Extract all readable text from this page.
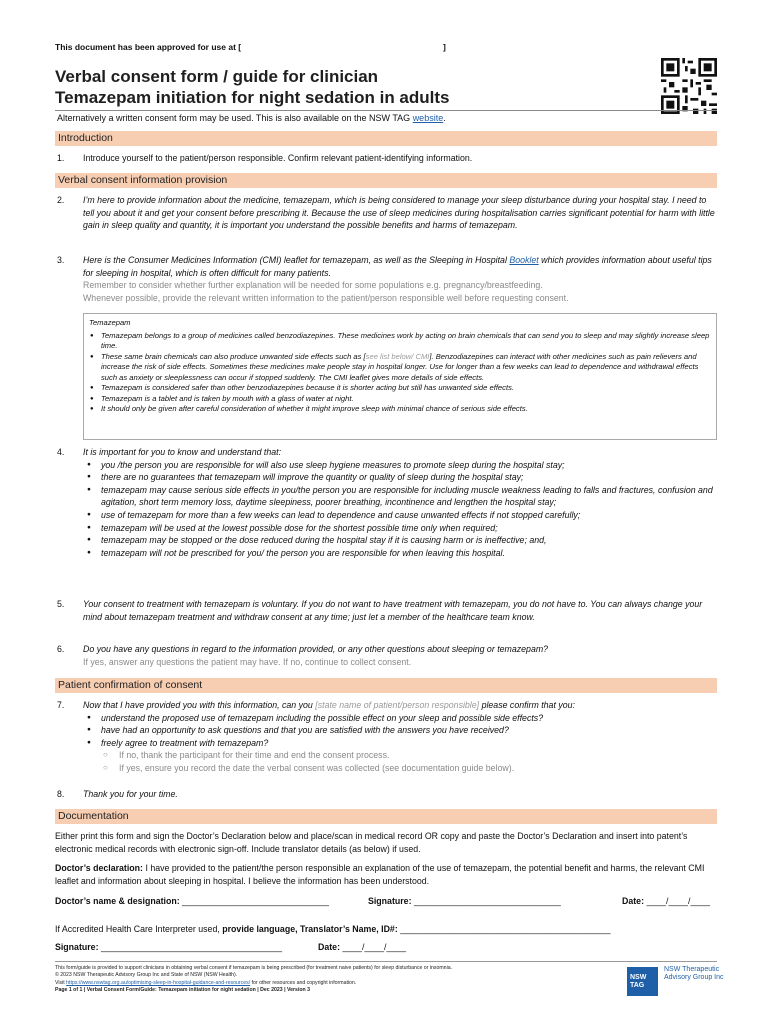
This document has been approved for use at [	]
Verbal consent form / guide for clinician
Temazepam initiation for night sedation in adults
Alternatively a written consent form may be used. This is also available on the NSW TAG website.
Introduction
1. Introduce yourself to the patient/person responsible. Confirm relevant patient-identifying information.
Verbal consent information provision
2. I’m here to provide information about the medicine, temazepam, which is being considered to manage your sleep disturbance during your hospital stay. I need to tell you about it and get your consent before prescribing it. Because the use of sleep medicines during hospitalisation carries significant potential for harm with little gain in sleep quality and quantity, it is important you understand the possible benefits and harms of temazepam.
3. Here is the Consumer Medicines Information (CMI) leaflet for temazepam, as well as the Sleeping in Hospital Booklet which provides information about useful tips for sleeping in hospital, which is often difficult for many patients.
Remember to consider whether further explanation will be needed for some populations e.g. pregnancy/breastfeeding.
Whenever possible, provide the relevant written information to the patient/person responsible well before requesting consent.
Temazepam
● Temazepam belongs to a group of medicines called benzodiazepines. These medicines work by acting on brain chemicals that can send you to sleep and may slightly increase sleep time.
● These same brain chemicals can also produce unwanted side effects such as [see list below/ CMI]. Benzodiazepines can interact with other medicines such as pain relievers and increase the risk of side effects. Sometimes these medicines make people stay in hospital longer. Use for longer than a few weeks can lead to dependence and withdrawal effects such as anxiety or sleeplessness can occur if stopped suddenly. The CMI leaflet gives more details of side effects.
● Temazepam is considered safer than other benzodiazepines because it is shorter acting but still has unwanted side effects.
● Temazepam is a tablet and is taken by mouth with a glass of water at night.
● It should only be given after careful consideration of whether it might improve sleep with minimal chance of serious side effects.
4. It is important for you to know and understand that:
● you /the person you are responsible for will also use sleep hygiene measures to promote sleep during the hospital stay;
● there are no guarantees that temazepam will improve the quantity or quality of sleep during the hospital stay;
● temazepam may cause serious side effects in you/the person you are responsible for including muscle weakness leading to falls and fractures, confusion and agitation, short term memory loss, daytime sleepiness, poorer breathing, incontinence and lengthen the hospital stay;
● use of temazepam for more than a few weeks can lead to dependence and cause unwanted effects if not stopped carefully;
● temazepam will be used at the lowest possible dose for the shortest possible time only when required;
● temazepam may be stopped or the dose reduced during the hospital stay if it is causing harm or is ineffective; and,
● temazepam will not be prescribed for you/ the person you are responsible for when leaving this hospital.
5. Your consent to treatment with temazepam is voluntary. If you do not want to have treatment with temazepam, you do not have to. You can always change your mind about temazepam treatment and withdraw consent at any time; just let a member of the healthcare team know.
6. Do you have any questions in regard to the information provided, or any other questions about sleeping or temazepam?
If yes, answer any questions the patient may have. If no, continue to collect consent.
Patient confirmation of consent
7. Now that I have provided you with this information, can you [state name of patient/person responsible] please confirm that you:
● understand the proposed use of temazepam including the possible effect on your sleep and possible side effects?
● have had an opportunity to ask questions and that you are satisfied with the answers you have received?
● freely agree to treatment with temazepam?
○ If no, thank the participant for their time and end the consent process.
○ If yes, ensure you record the date the verbal consent was collected (see documentation guide below).
8. Thank you for your time.
Documentation
Either print this form and sign the Doctor’s Declaration below and place/scan in medical record OR copy and paste the Doctor’s Declaration and insert into patent’s electronic medical records with electronic sign-off. Include translator details (as below) if used.
Doctor’s declaration: I have provided to the patient/the person responsible an explanation of the use of temazepam, the potential benefit and harms, the relevant CMI leaflet and information about sleeping in hospital. I believe the information has been understood.
Doctor’s name & designation: ______________________________	Signature: ______________________________	Date: ____/____/____
If Accredited Health Care Interpreter used, provide language, Translator’s Name, ID#: ___________________________________________
Signature: _____________________________________	Date: ____/____/____
This form/guide is provided to support clinicians in obtaining verbal consent if temazepam is being prescribed (for treatment naive patients) for sleep disturbance or insomnia.
© 2023 NSW Therapeutic Advisory Group Inc and State of NSW (NSW Health).
Visit https://www.nswtag.org.au/optimising-sleep-in-hospital-guidance-and-resources/ for other resources and copyright information.
Page 1 of 1 | Verbal Consent Form/Guide: Temazepam initiation for night sedation | Dec 2023 | Version 3
NSW TAG
NSW Therapeutic Advisory Group Inc
